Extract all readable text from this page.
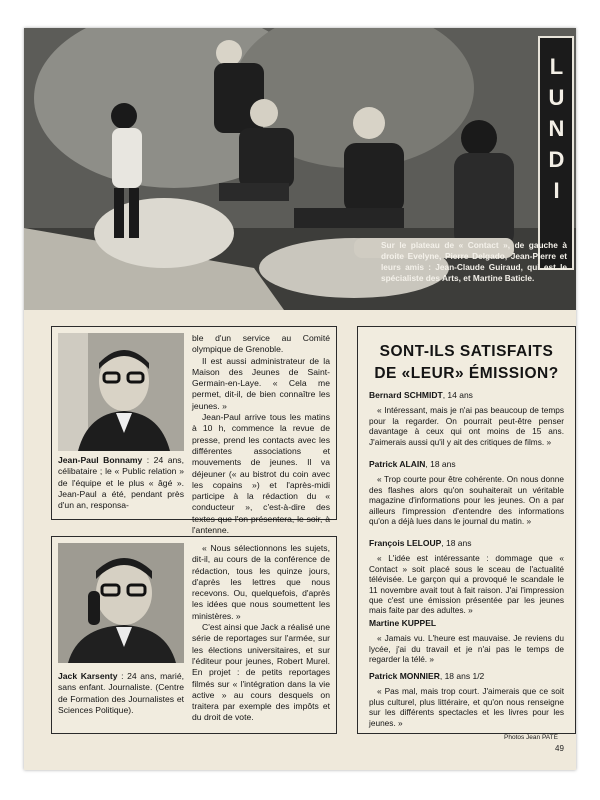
LUNDI
Sur le plateau de « Contact », de gauche à droite Evelyne, Pierre Delgado, Jean-Pierre et leurs amis : Jean-Claude Guiraud, qui est le spécialiste des Arts, et Martine Baticle.
Jean-Paul Bonnamy : 24 ans, célibataire ; le « Public relation » de l'équipe et le plus « âgé ». Jean-Paul a été, pendant près d'un an, responsa-

ble d'un service au Comité olympique de Grenoble.

Il est aussi administrateur de la Maison des Jeunes de Saint-Germain-en-Laye. « Cela me permet, dit-il, de bien connaître les jeunes. »

Jean-Paul arrive tous les matins à 10 h, commence la revue de presse, prend les contacts avec les différentes associations et mouvements de jeunes. Il va déjeuner (« au bistrot du coin avec les copains ») et l'après-midi participe à la rédaction du « conducteur », c'est-à-dire des textes que l'on présentera, le soir, à l'antenne.

Jack Karsenty : 24 ans, marié, sans enfant. Journaliste. (Centre de Formation des Journalistes et Sciences Politique).

« Nous sélectionnons les sujets, dit-il, au cours de la conférence de rédaction, tous les quinze jours, d'après les lettres que nous recevons. Ou, quelquefois, d'après les idées que nous soumettent les ministères. »

C'est ainsi que Jack a réalisé une série de reportages sur l'armée, sur les élections universitaires, et sur l'éditeur pour jeunes, Robert Murel. En projet : de petits reportages filmés sur « l'intégration dans la vie active » au cours desquels on traitera par exemple des impôts et du droit de vote.

SONT-ILS SATISFAITS DE «LEUR» ÉMISSION?
Bernard SCHMIDT, 14 ans
« Intéressant, mais je n'ai pas beaucoup de temps pour la regarder. On pourrait peut-être penser davantage à ceux qui ont moins de 15 ans. J'aimerais aussi qu'il y ait des critiques de films. »
Patrick ALAIN, 18 ans
« Trop courte pour être cohérente. On nous donne des flashes alors qu'on souhaiterait un véritable magazine d'informations pour les jeunes. On a par ailleurs l'impression d'entendre des informations qu'on a déjà lues dans le journal du matin. »
François LELOUP, 18 ans
« L'idée est intéressante : dommage que « Contact » soit placé sous le sceau de l'actualité télévisée. Le garçon qui a provoqué le scandale le 11 novembre avait tout à fait raison. J'ai l'impression que c'est une émission présentée par les jeunes mais faite par des adultes. »
Martine KUPPEL
« Jamais vu. L'heure est mauvaise. Je reviens du lycée, j'ai du travail et je n'ai pas le temps de regarder la télé. »
Patrick MONNIER, 18 ans 1/2
« Pas mal, mais trop court. J'aimerais que ce soit plus culturel, plus littéraire, et qu'on nous renseigne sur les différents spectacles et les livres pour les jeunes. »
Photos Jean PATÉ
49
